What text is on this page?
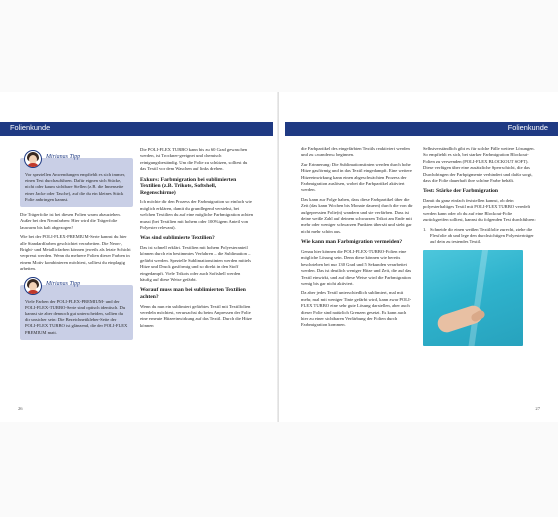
Folienkunde
Mirianas Tipp

Vor speziellen Anwendungen empfiehlt es sich immer, einen Test durchzuführen. Dafür eignen sich Stücke, nicht oder kaum sichtbare Stellen (z.B. die Innenseite einer Jacke oder Tasche), auf die du ein kleines Stück Folie anbringen kannst.

Die Trägerfolie ist bei diesen Folien warm abzuziehen. Außer bei den Neonfarben: Hier wird die Trägerfolie lauwarm bis kalt abgezogen!

Wie bei der POLI-FLEX-PREMIUM-Serie kannst du hier alle Standardfarben geschichtet verarbeiten. Die Neon-, Bright- und Metallicfarben können jeweils als letzte Schicht verpresst werden. Wenn du mehrere Folien dieser Farben in einem Motiv kombinieren möchtest, solltest du einplagig arbeiten.

Mirianas Tipp

Viele Farben der POLI-FLEX-PREMIUM- und der POLI-FLEX-TURBO-Serie sind optisch identisch. Du kannst sie aber dennoch gut unterscheiden, sollten du dir unsicher sein: Die Bezeichnetikleber-Seite der POLI-FLEX TURBO ist glänzend, die der POLI-FLEX PREMIUM matt.

Die POLI-FLEX TURBO kann bis zu 60 Grad gewaschen werden, ist Trockner-geeignet und chemisch reinigungsbeständig. Um die Folie zu schützen, solltest du das Textil vor dem Waschen auf links drehen.

Exkurs: Farbmigration bei sublimierten Textilien (z.B. Trikots, Softshell, Regenschirme)

Ich möchte dir den Prozess der Farbmigration so einfach wie möglich erklären, damit du grundlegend verstehst, bei welchen Textilien du auf eine mögliche Farbmigration achten musst (bei Textilien mit hohem oder 100%igem Anteil von Polyester relevant).

Was sind sublimierte Textilien?

Das ist schnell erklärt. Textilien mit hohem Polyesteranteil können durch ein bestimmtes Verfahren – die Sublimation – gefärbt werden. Spezielle Sublimationstinten werden mittels Hitze und Druck gasförmig und so direkt in den Stoff eingedampft. Viele Trikots oder auch Softshell werden häufig auf diese Weise gefärbt.

Worauf muss man bei sublimierten Textilien achten?

Wenn du nun ein sublimiert gefärbtes Textil mit Textilfolien veredeln möchtest, verursachst du beim Anpressen der Folie eine erneute Hitzeeinwirkung auf das Textil. Durch die Hitze können

26
Folienkunde

die Farbpartikel des eingefärbten Textils reaktiviert werden und zu »wandern« beginnen.

Zur Erinnerung: Die Sublimationstinten werden durch hohe Hitze gasförmig und in das Textil eingedampft. Eine weitere Hitzeeinwirkung kann einen abgeschwächten Prozess der Farbmigration auslösen, wobei die Farbpartikel aktiviert werden.

Das kann zur Folge haben, dass diese Farbpartikel über die Zeit (das kann Wochen bis Monate dauern) durch die von dir aufgepressten Folie(n) wandern und sie verfärben. Dass ist deine weiße Zahl auf deinem schwarzen Trikot am Ende mit mehr oder weniger schwarzen Punkten übersät und sieht gar nicht mehr schön aus.

Wie kann man Farbmigration vermeiden?

Genau hier können die POLI-FLEX-TURBO-Folien eine mögliche Lösung sein. Denn diese können wie bereits beschrieben bei nur 130 Grad und 5 Sekunden verarbeitet werden. Das ist deutlich weniger Hitze und Zeit, die auf das Textil einwirkt, und auf diese Weise wird die Farbmigration wenig bis gar nicht aktiviert.

Da aber jedes Textil unterschiedlich sublimiert, mal mit mehr, mal mit weniger Tinte gefärbt wird, kann zwar POLI-FLEX TURBO eine sehr gute Lösung darstellen, aber auch dieser Folie sind natürlich Grenzen gesetzt. Es kann auch hier zu einer sichtbaren Verfärbung der Folien durch Farbmigration kommen.

Selbstverständlich gibt es für solche Fälle weitere Lösungen. So empfiehlt es sich, bei starker Farbmigration Blockout-Folien zu verwenden (POLI-FLEX BLOCKOUT SOFT). Diese verfügen über eine zusätzliche Sperrschicht, die das Durchdringen der Farbpigmente verhindert und dafür sorgt, dass die Folie dauerhaft ihre schöne Farbe behält.

Test: Stärke der Farbmigration

Damit du ganz einfach feststellen kannst, ob dein polyesterhaltiges Textil mit POLI-FLEX TURBO veredelt werden kann oder ob du auf eine Blockout-Folie zurückgreifen solltest, kannst du folgenden Test durchführen:

1. Schneide dir einen weißen Textilfolie zurecht, ziehe die Flexfolie ab und lege den durchsichtigen Polyesterträger auf dein zu testendes Textil.
27
